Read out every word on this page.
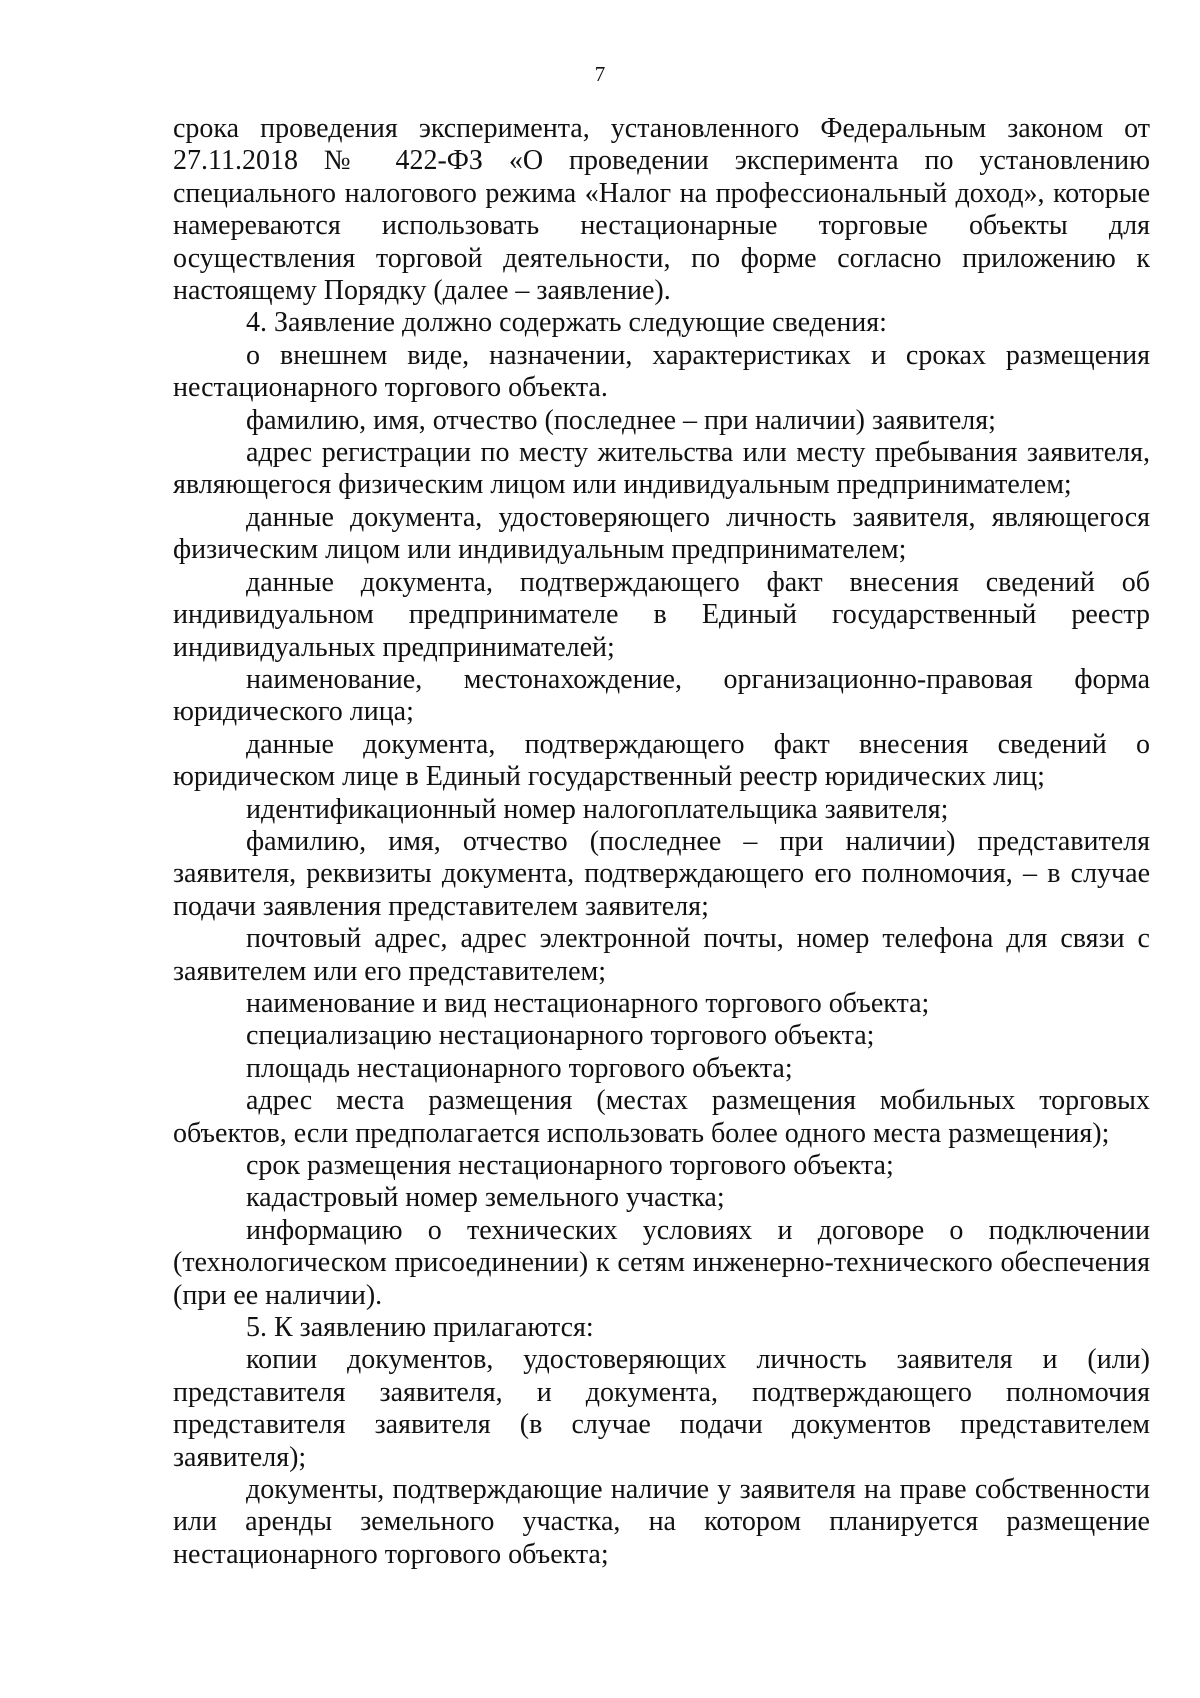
7

срока проведения эксперимента, установленного Федеральным законом от 27.11.2018 № 422-ФЗ «О проведении эксперимента по установлению специального налогового режима «Налог на профессиональный доход», которые намереваются использовать нестационарные торговые объекты для осуществления торговой деятельности, по форме согласно приложению к настоящему Порядку (далее – заявление).

4. Заявление должно содержать следующие сведения:

о внешнем виде, назначении, характеристиках и сроках размещения нестационарного торгового объекта.

фамилию, имя, отчество (последнее – при наличии) заявителя;

адрес регистрации по месту жительства или месту пребывания заявителя, являющегося физическим лицом или индивидуальным предпринимателем;

данные документа, удостоверяющего личность заявителя, являющегося физическим лицом или индивидуальным предпринимателем;

данные документа, подтверждающего факт внесения сведений об индивидуальном предпринимателе в Единый государственный реестр индивидуальных предпринимателей;

наименование, местонахождение, организационно-правовая форма юридического лица;

данные документа, подтверждающего факт внесения сведений о юридическом лице в Единый государственный реестр юридических лиц;

идентификационный номер налогоплательщика заявителя;

фамилию, имя, отчество (последнее – при наличии) представителя заявителя, реквизиты документа, подтверждающего его полномочия, – в случае подачи заявления представителем заявителя;

почтовый адрес, адрес электронной почты, номер телефона для связи с заявителем или его представителем;

наименование и вид нестационарного торгового объекта;

специализацию нестационарного торгового объекта;

площадь нестационарного торгового объекта;

адрес места размещения (местах размещения мобильных торговых объектов, если предполагается использовать более одного места размещения);

срок размещения нестационарного торгового объекта;

кадастровый номер земельного участка;

информацию о технических условиях и договоре о подключении (технологическом присоединении) к сетям инженерно-технического обеспечения (при ее наличии).

5. К заявлению прилагаются:

копии документов, удостоверяющих личность заявителя и (или) представителя заявителя, и документа, подтверждающего полномочия представителя заявителя (в случае подачи документов представителем заявителя);

документы, подтверждающие наличие у заявителя на праве собственности или аренды земельного участка, на котором планируется размещение нестационарного торгового объекта;
